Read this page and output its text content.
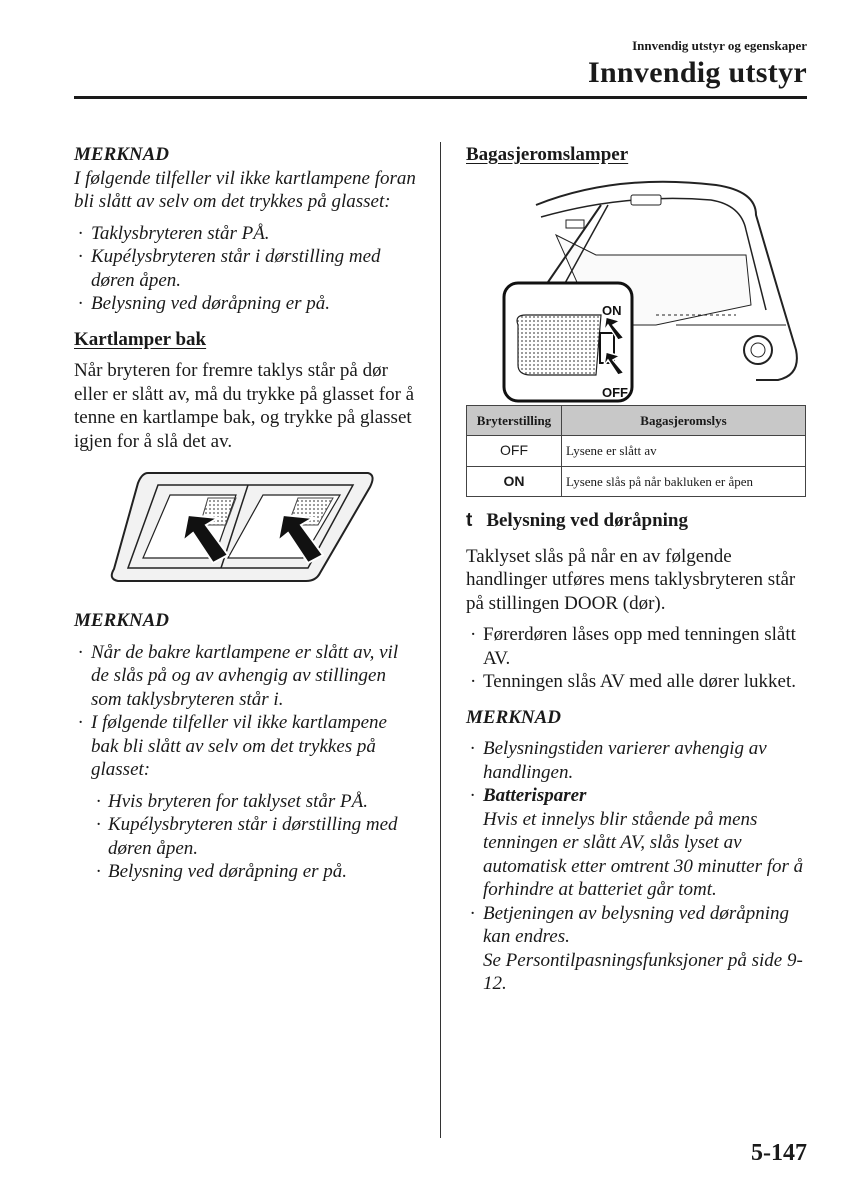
Innvendig utstyr og egenskaper
Innvendig utstyr
MERKNAD
I følgende tilfeller vil ikke kartlampene foran bli slått av selv om det trykkes på glasset:
· Taklysbryteren står PÅ.
· Kupélysbryteren står i dørstilling med døren åpen.
· Belysning ved døråpning er på.
Kartlamper bak
Når bryteren for fremre taklys står på dør eller er slått av, må du trykke på glasset for å tenne en kartlampe bak, og trykke på glasset igjen for å slå det av.
MERKNAD
· Når de bakre kartlampene er slått av, vil de slås på og av avhengig av stillingen som taklysbryteren står i.
· I følgende tilfeller vil ikke kartlampene bak bli slått av selv om det trykkes på glasset:
· Hvis bryteren for taklyset står PÅ.
· Kupélysbryteren står i dørstilling med døren åpen.
· Belysning ved døråpning er på.
Bagasjeromslamper
ON
OFF
Bryterstilling	Bagasjeromslys
OFF	Lysene er slått av
ON	Lysene slås på når bakluken er åpen
t Belysning ved døråpning
Taklyset slås på når en av følgende handlinger utføres mens taklysbryteren står på stillingen DOOR (dør).
· Førerdøren låses opp med tenningen slått AV.
· Tenningen slås AV med alle dører lukket.
MERKNAD
· Belysningstiden varierer avhengig av handlingen.
· Batterisparer
Hvis et innelys blir stående på mens tenningen er slått AV, slås lyset av automatisk etter omtrent 30 minutter for å forhindre at batteriet går tomt.
· Betjeningen av belysning ved døråpning kan endres.
Se Persontilpasningsfunksjoner på side 9-12.
5-147
